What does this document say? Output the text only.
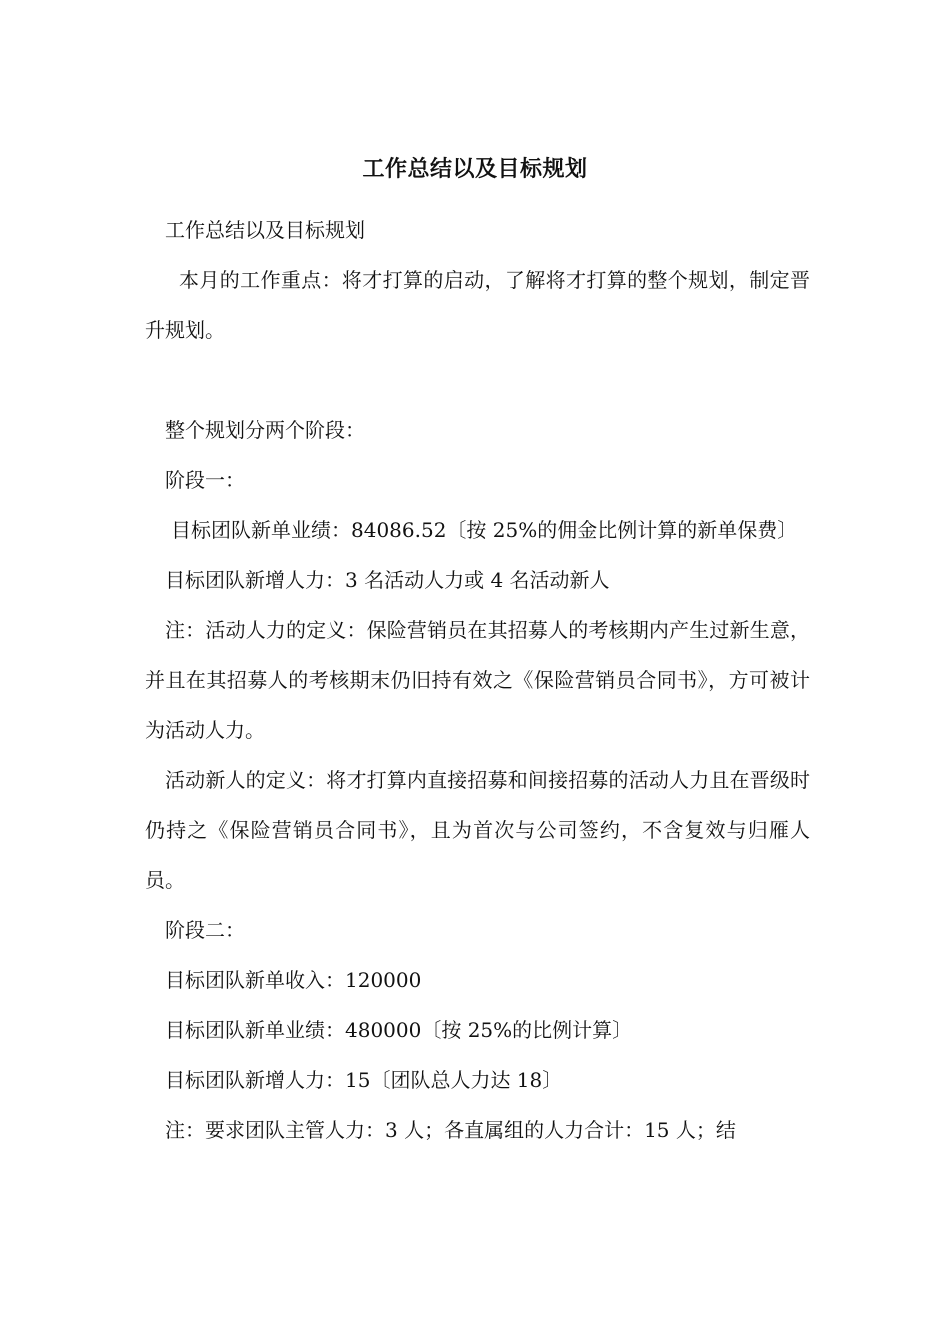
工作总结以及目标规划

工作总结以及目标规划

本月的工作重点：将才打算的启动，了解将才打算的整个规划，制定晋升规划。

整个规划分两个阶段：

阶段一：

目标团队新单业绩：84086.52〔按 25%的佣金比例计算的新单保费〕

目标团队新增人力：3 名活动人力或 4 名活动新人

注：活动人力的定义：保险营销员在其招募人的考核期内产生过新生意，并且在其招募人的考核期末仍旧持有效之《保险营销员合同书》，方可被计为活动人力。

活动新人的定义：将才打算内直接招募和间接招募的活动人力且在晋级时仍持之《保险营销员合同书》，且为首次与公司签约，不含复效与归雁人员。

阶段二：

目标团队新单收入：120000

目标团队新单业绩：480000〔按 25%的比例计算〕

目标团队新增人力：15〔团队总人力达 18〕

注：要求团队主管人力：3 人；各直属组的人力合计：15 人；结
